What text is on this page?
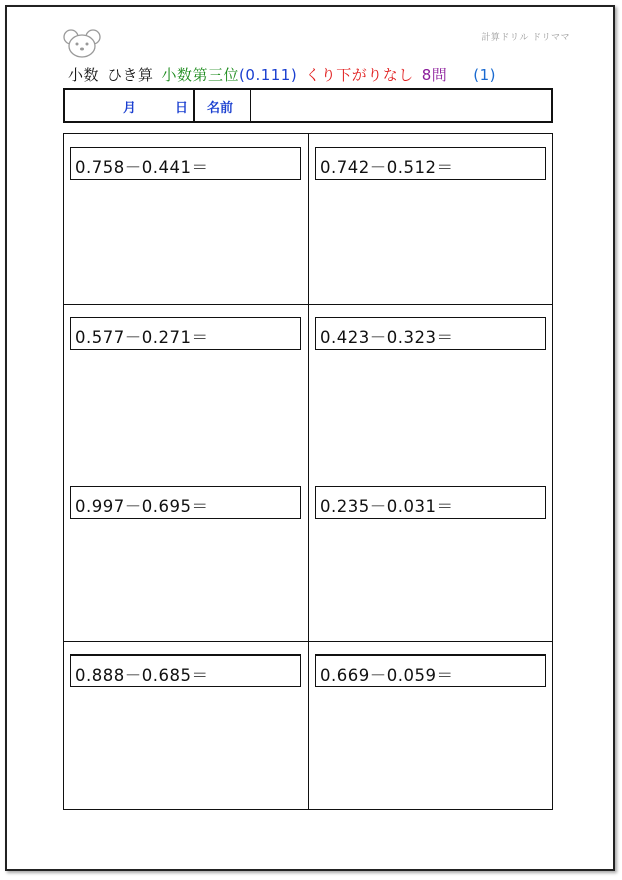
計算ドリル ドリママ
小数 ひき算 小数第三位(0.111) くり下がりなし 8問 (1)
月	日 名前
0.758－0.441＝	0.742－0.512＝
0.577－0.271＝	0.423－0.323＝
0.997－0.695＝	0.235－0.031＝
0.888－0.685＝	0.669－0.059＝
